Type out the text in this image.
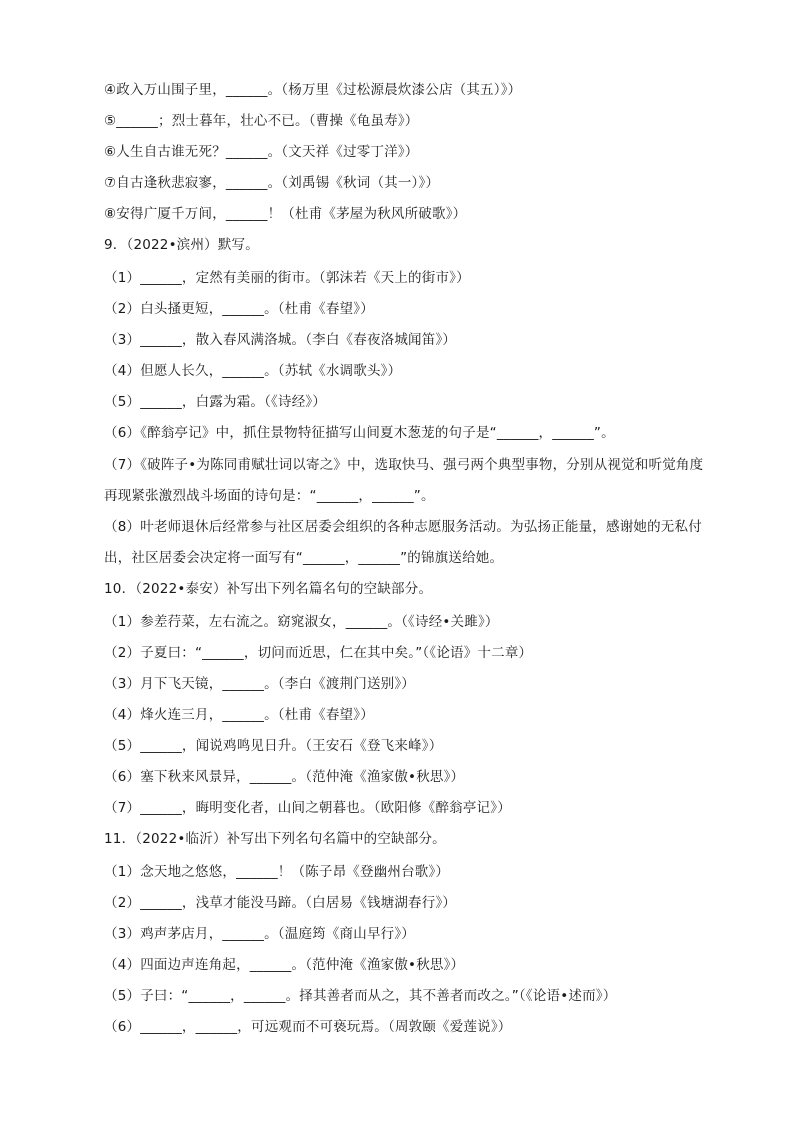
④政入万山围子里，______。（杨万里《过松源晨炊漆公店（其五）》）
⑤______；烈士暮年，壮心不已。（曹操《龟虽寿》）
⑥人生自古谁无死？______。（文天祥《过零丁洋》）
⑦自古逢秋悲寂寥，______。（刘禹锡《秋词（其一）》）
⑧安得广厦千万间，______！（杜甫《茅屋为秋风所破歌》）
9．（2022•滨州）默写。
（1）______，定然有美丽的街市。（郭沫若《天上的街市》）
（2）白头搔更短，______。（杜甫《春望》）
（3）______，散入春风满洛城。（李白《春夜洛城闻笛》）
（4）但愿人长久，______。（苏轼《水调歌头》）
（5）______，白露为霜。（《诗经》）
（6）《醉翁亭记》中，抓住景物特征描写山间夏木葱茏的句子是“______，______”。
（7）《破阵子•为陈同甫赋壮词以寄之》中，选取快马、强弓两个典型事物，分别从视觉和听觉角度
再现紧张激烈战斗场面的诗句是：“______，______”。
（8）叶老师退休后经常参与社区居委会组织的各种志愿服务活动。为弘扬正能量，感谢她的无私付
出，社区居委会决定将一面写有“______，______”的锦旗送给她。
10．（2022•泰安）补写出下列名篇名句的空缺部分。
（1）参差荇菜，左右流之。窈窕淑女，______。（《诗经•关雎》）
（2）子夏曰：“______，切问而近思，仁在其中矣。”（《论语》十二章）
（3）月下飞天镜，______。（李白《渡荆门送别》）
（4）烽火连三月，______。（杜甫《春望》）
（5）______，闻说鸡鸣见日升。（王安石《登飞来峰》）
（6）塞下秋来风景异，______。（范仲淹《渔家傲•秋思》）
（7）______，晦明变化者，山间之朝暮也。（欧阳修《醉翁亭记》）
11．（2022•临沂）补写出下列名句名篇中的空缺部分。
（1）念天地之悠悠，______！（陈子昂《登幽州台歌》）
（2）______，浅草才能没马蹄。（白居易《钱塘湖春行》）
（3）鸡声茅店月，______。（温庭筠《商山早行》）
（4）四面边声连角起，______。（范仲淹《渔家傲•秋思》）
（5）子曰：“______，______。择其善者而从之，其不善者而改之。”（《论语•述而》）
（6）______，______，可远观而不可亵玩焉。（周敦颐《爱莲说》）
